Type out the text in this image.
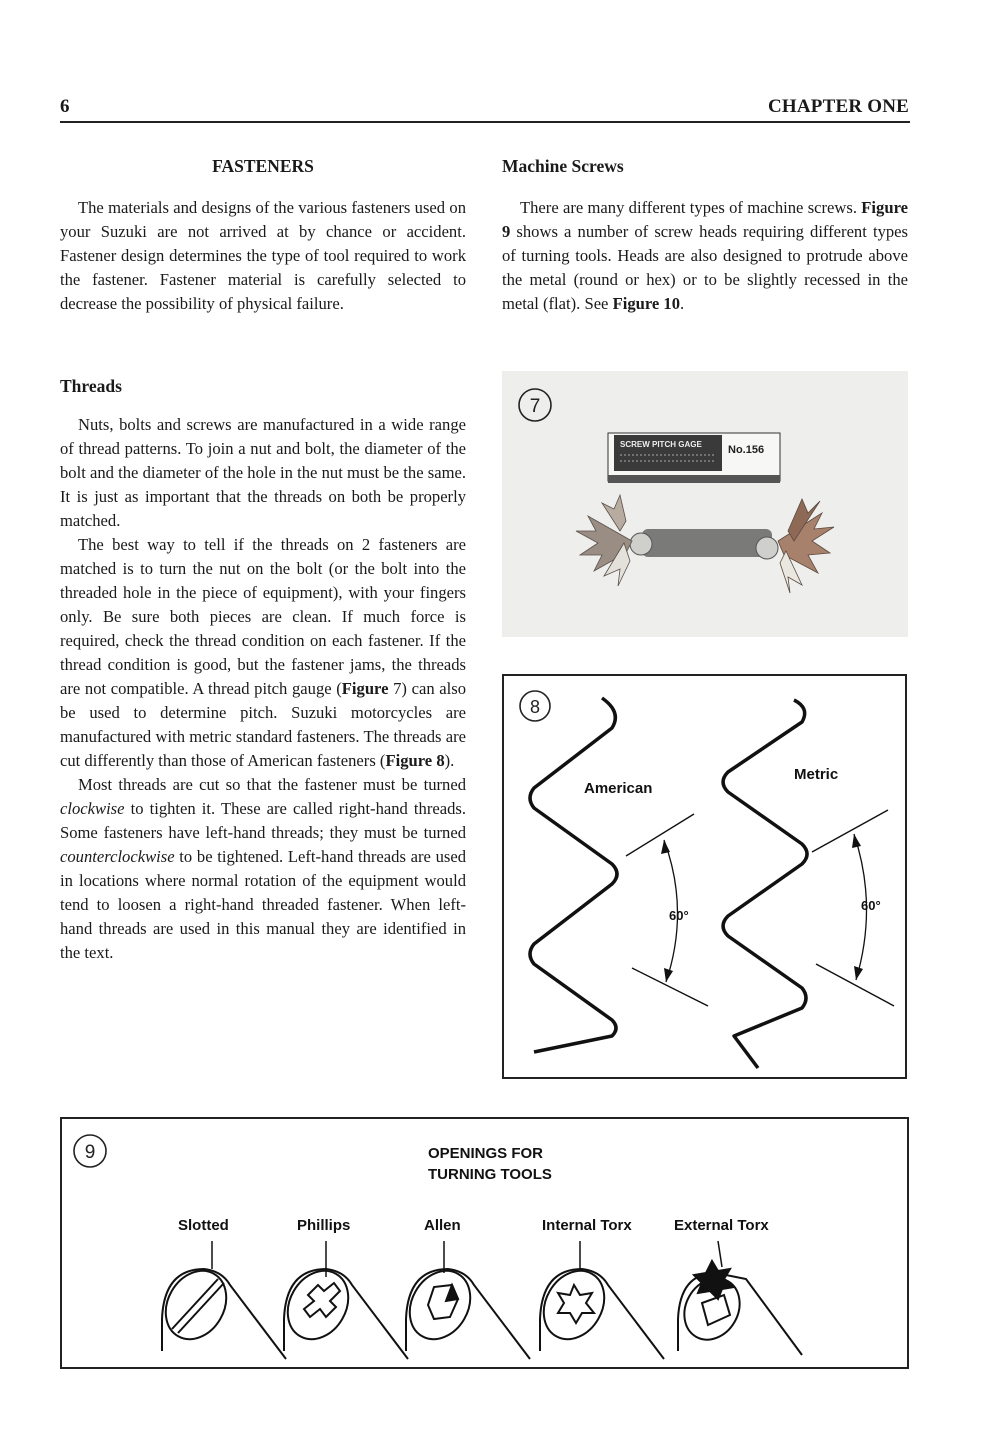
6	CHAPTER ONE
FASTENERS

The materials and designs of the various fasteners used on your Suzuki are not arrived at by chance or accident. Fastener design determines the type of tool required to work the fastener. Fastener material is carefully selected to decrease the possibility of physical failure.

Threads

Nuts, bolts and screws are manufactured in a wide range of thread patterns. To join a nut and bolt, the diameter of the bolt and the diameter of the hole in the nut must be the same. It is just as important that the threads on both be properly matched.

The best way to tell if the threads on 2 fasteners are matched is to turn the nut on the bolt (or the bolt into the threaded hole in the piece of equipment), with your fingers only. Be sure both pieces are clean. If much force is required, check the thread condition on each fastener. If the thread condition is good, but the fastener jams, the threads are not compatible. A thread pitch gauge (Figure 7) can also be used to determine pitch. Suzuki motorcycles are manufactured with metric standard fasteners. The threads are cut differently than those of American fasteners (Figure 8).

Most threads are cut so that the fastener must be turned clockwise to tighten it. These are called right-hand threads. Some fasteners have left-hand threads; they must be turned counterclockwise to be tightened. Left-hand threads are used in locations where normal rotation of the equipment would tend to loosen a right-hand threaded fastener. When left-hand threads are used in this manual they are identified in the text.

Machine Screws

There are many different types of machine screws. Figure 9 shows a number of screw heads requiring different types of turning tools. Heads are also designed to protrude above the metal (round or hex) or to be slightly recessed in the metal (flat). See Figure 10.

7
SCREW PITCH GAGE No.156
8
American
Metric
60°
60°
9	OPENINGS FOR
TURNING TOOLS
Slotted	Phillips	Allen	Internal Torx	External Torx
